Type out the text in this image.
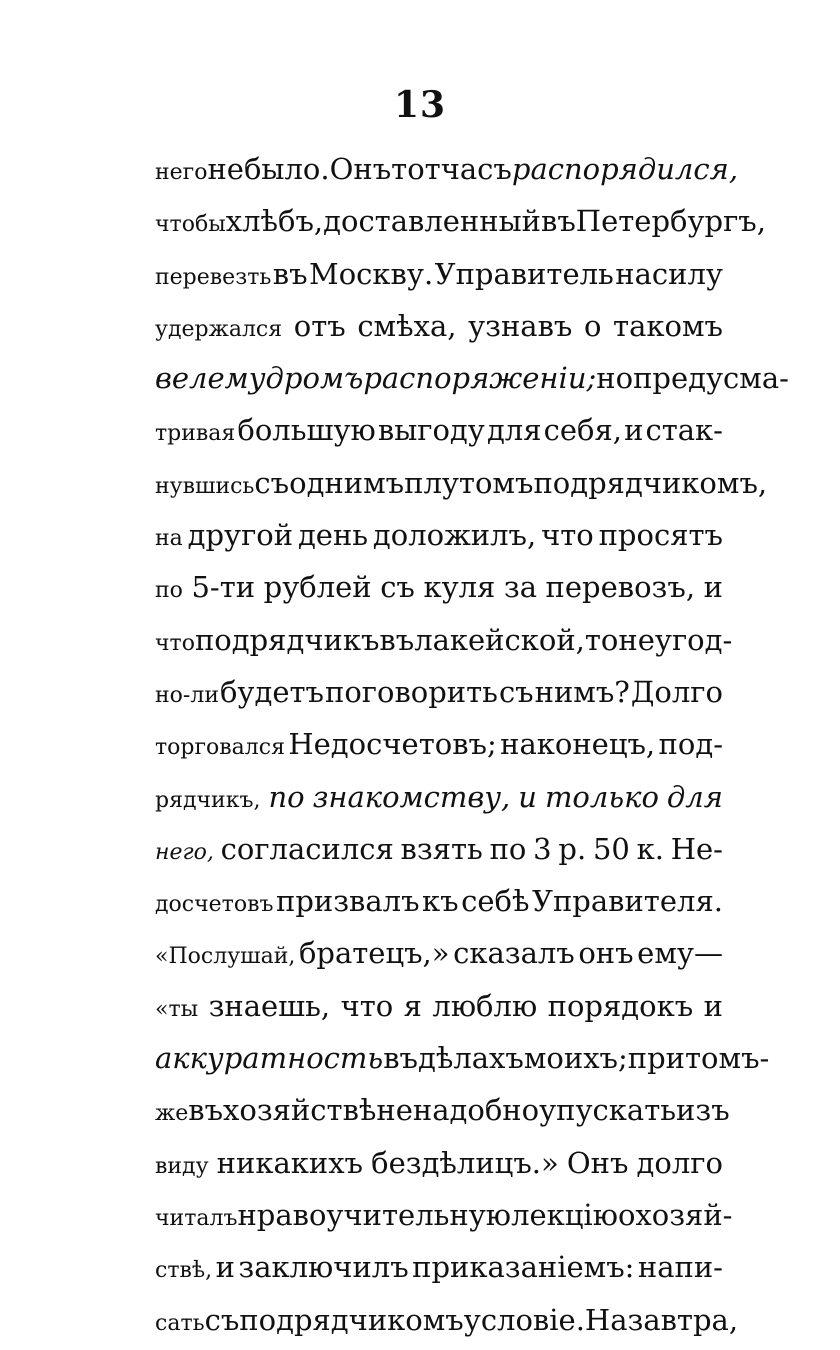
13
него не было. Онъ тотчасъ распорядился,
чтобы хлѣбъ, доставленный въ Петербургъ,
перевезть въ Москву. Управитель насилу
удержался отъ смѣха, узнавъ о такомъ
велемудромъ распоряженіи; но предусма-
тривая большую выгоду для себя, и стак-
нувшись съ однимъ плутомъ подрядчикомъ,
на другой день доложилъ, что просятъ
по 5-ти рублей съ куля за перевозъ, и
что подрядчикъ въ лакейской, то не угод-
но-ли будетъ поговорить съ нимъ? Долго
торговался Недосчетовъ; наконецъ, под-
рядчикъ, по знакомству, и только для
него, согласился взять по 3 р. 50 к. Не-
досчетовъ призвалъ къ себѣ Управителя.
«Послушай, братецъ,» сказалъ онъ ему—
«ты знаешь, что я люблю порядокъ и
аккуратность въ дѣлахъ моихъ; притомъ-
же въ хозяйствѣ не надобно упускать изъ
виду никакихъ бездѣлицъ.» Онъ долго
читалъ нравоучительную лекцію о хозяй-
ствѣ, и заключилъ приказаніемъ: напи-
сать съ подрядчикомъ условіе. Назавтра,
